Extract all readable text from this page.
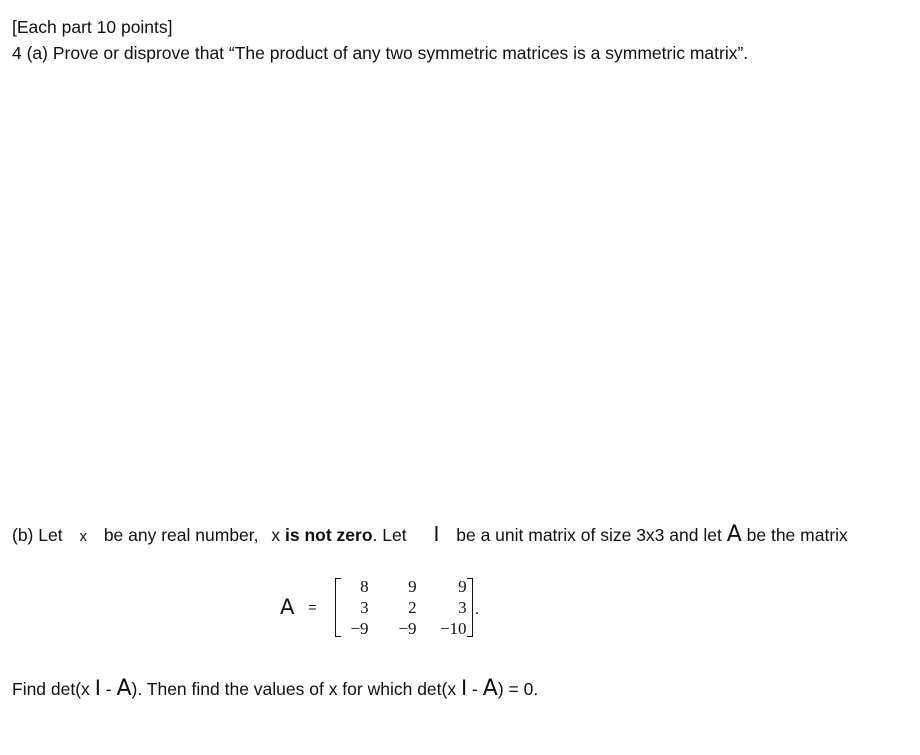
[Each part 10 points]
4 (a) Prove or disprove that “The product of any two symmetric matrices is a symmetric matrix”.
(b) Let x be any real number, x is not zero. Let I be a unit matrix of size 3x3 and let A be the matrix
A =
8	9	9
3	2	3
−9	−9	−10
.
Find det(x I - A). Then find the values of x for which det(x I - A) = 0.
